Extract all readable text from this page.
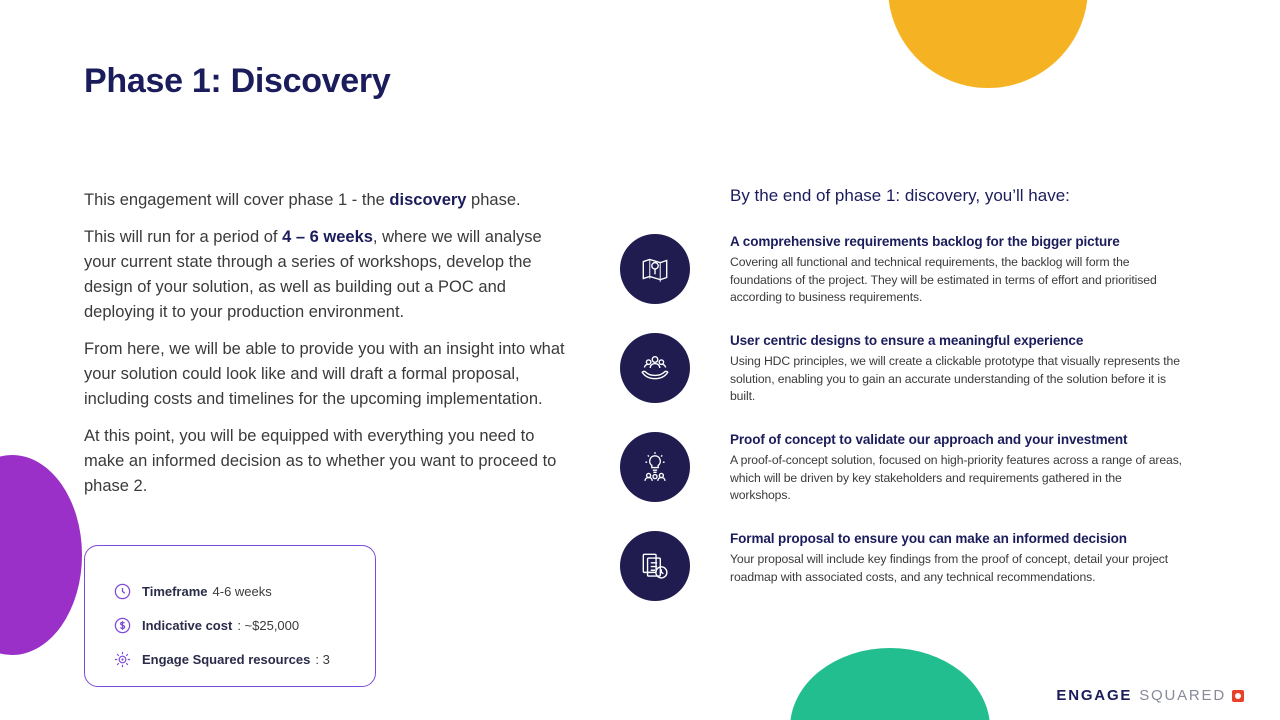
Phase 1: Discovery

This engagement will cover phase 1 - the discovery phase.

This will run for a period of 4 – 6 weeks, where we will analyse your current state through a series of workshops, develop the design of your solution, as well as building out a POC and deploying it to your production environment.

From here, we will be able to provide you with an insight into what your solution could look like and will draft a formal proposal, including costs and timelines for the upcoming implementation.

At this point, you will be equipped with everything you need to make an informed decision as to whether you want to proceed to phase 2.

Timeframe 4-6 weeks
Indicative cost : ~$25,000
Engage Squared resources : 3
By the end of phase 1: discovery, you’ll have:
A comprehensive requirements backlog for the bigger picture

Covering all functional and technical requirements, the backlog will form the foundations of the project. They will be estimated in terms of effort and prioritised according to business requirements.

User centric designs to ensure a meaningful experience

Using HDC principles, we will create a clickable prototype that visually represents the solution, enabling you to gain an accurate understanding of the solution before it is built.

Proof of concept to validate our approach and your investment

A proof-of-concept solution, focused on high-priority features across a range of areas, which will be driven by key stakeholders and requirements gathered in the workshops.

Formal proposal to ensure you can make an informed decision

Your proposal will include key findings from the proof of concept, detail your project roadmap with associated costs, and any technical recommendations.

ENGAGE SQUARED
